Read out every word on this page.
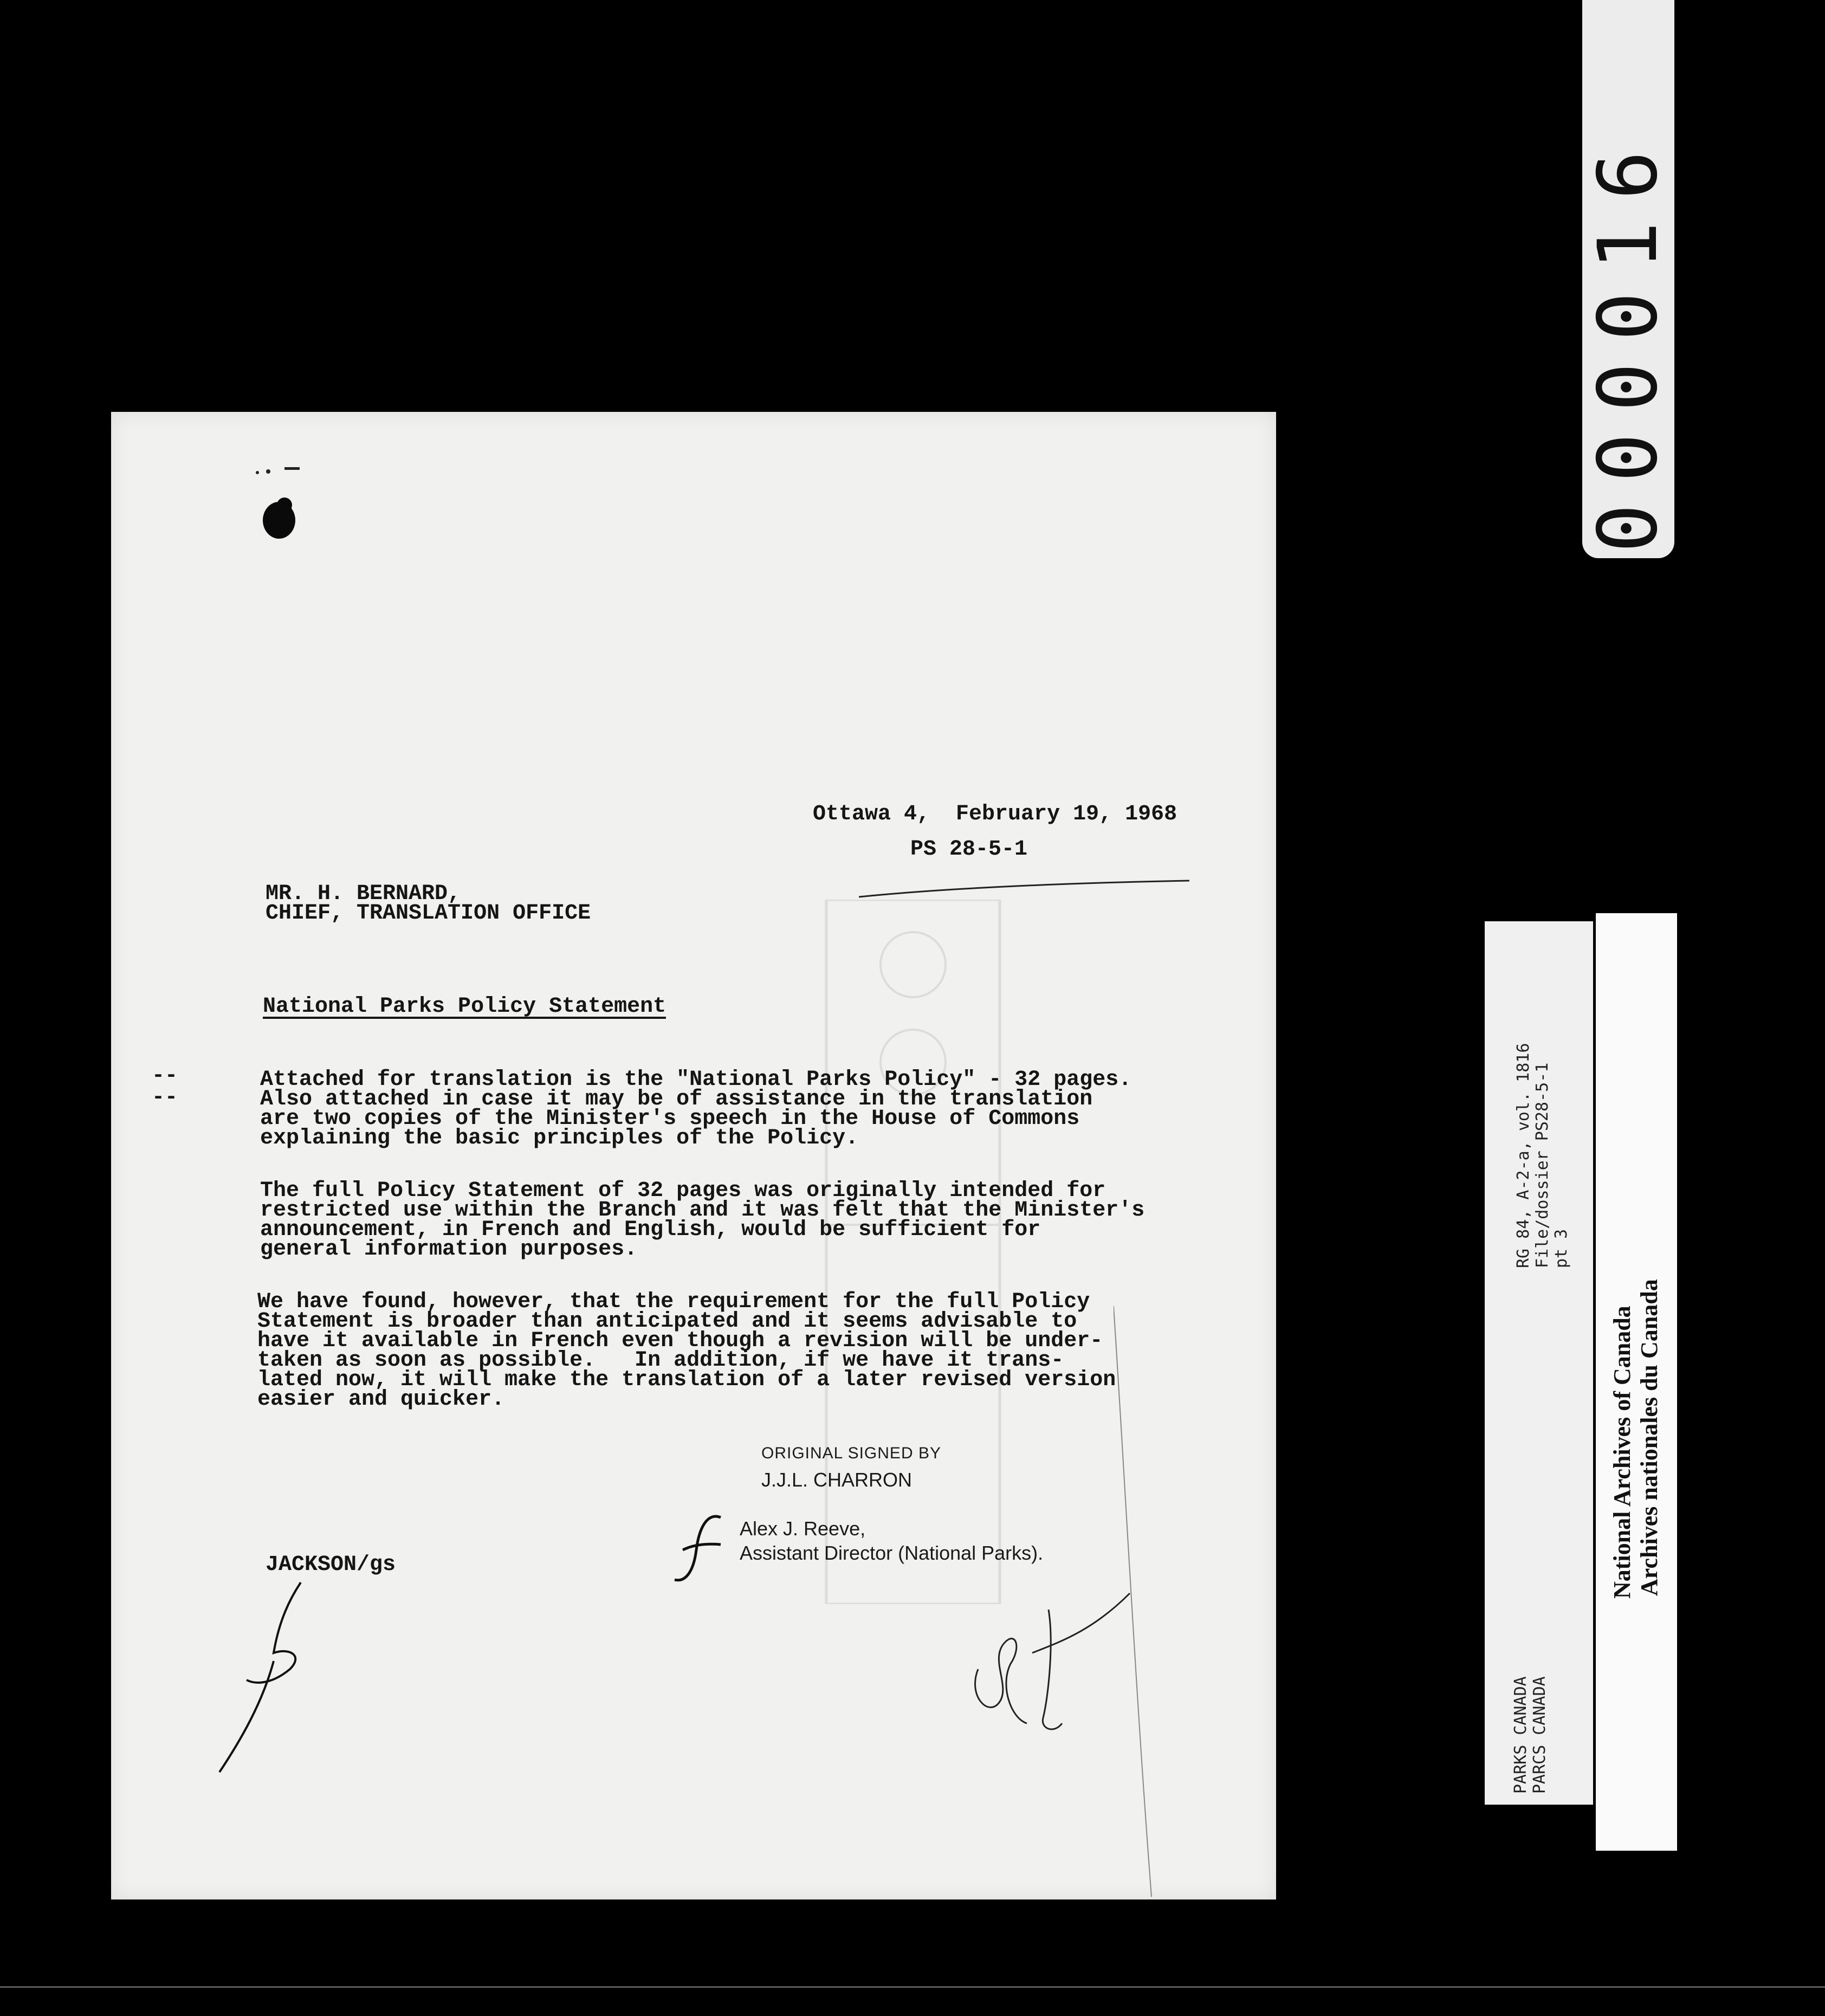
000016
Ottawa 4,  February 19, 1968
PS 28-5-1
MR. H. BERNARD,
CHIEF, TRANSLATION OFFICE
National Parks Policy Statement
--
--
Attached for translation is the "National Parks Policy" - 32 pages.
Also attached in case it may be of assistance in the translation
are two copies of the Minister's speech in the House of Commons
explaining the basic principles of the Policy.
The full Policy Statement of 32 pages was originally intended for
restricted use within the Branch and it was felt that the Minister's
announcement, in French and English, would be sufficient for
general information purposes.
We have found, however, that the requirement for the full Policy
Statement is broader than anticipated and it seems advisable to
have it available in French even though a revision will be under-
taken as soon as possible.   In addition, if we have it trans-
lated now, it will make the translation of a later revised version
easier and quicker.
ORIGINAL SIGNED BY
J.J.L. CHARRON
Alex J. Reeve,
Assistant Director (National Parks).
JACKSON/gs
RG 84, A-2-a, vol. 1816 File/dossier PS28-5-1 pt 3
PARKS CANADA PARCS CANADA
National Archives of Canada Archives nationales du Canada
